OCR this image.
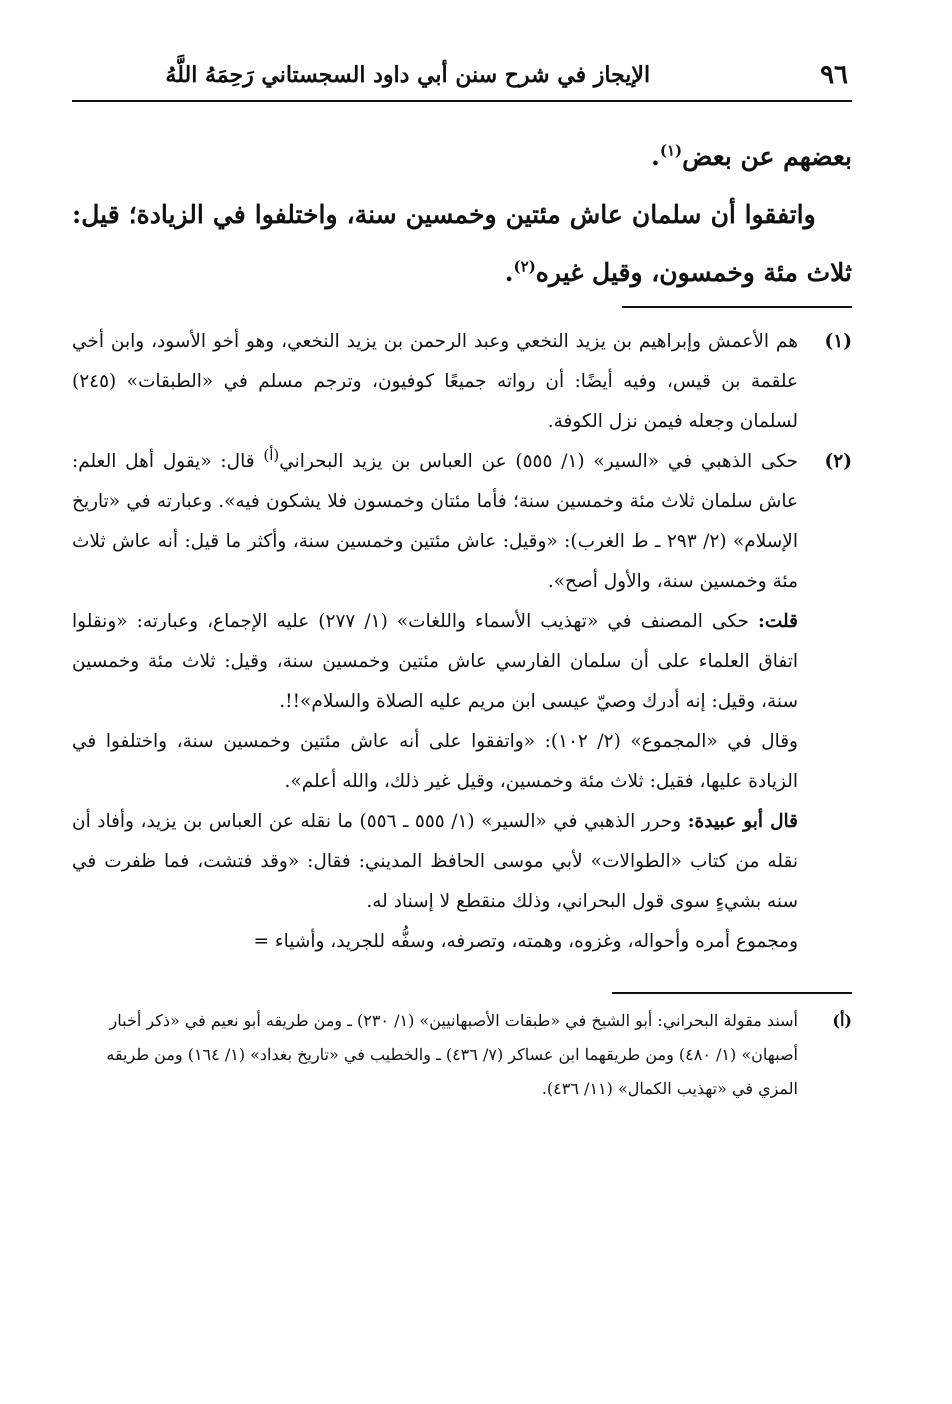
٩٦
الإيجاز في شرح سنن أبي داود السجستاني رَحِمَهُ اللَّهُ

بعضهم عن بعض$^{(١)}$.

واتفقوا أن سلمان عاش مئتين وخمسين سنة، واختلفوا في الزيادة؛ قيل: ثلاث مئة وخمسون، وقيل غيره$^{(٢)}$.

(١)

هم الأعمش وإبراهيم بن يزيد النخعي وعبد الرحمن بن يزيد النخعي، وهو أخو الأسود، وابن أخي علقمة بن قيس، وفيه أيضًا: أن رواته جميعًا كوفيون، وترجم مسلم في «الطبقات» (٢٤٥) لسلمان وجعله فيمن نزل الكوفة.

(٢)

حكى الذهبي في «السير» (١/ ٥٥٥) عن العباس بن يزيد البحراني$^{(أ)}$ قال: «يقول أهل العلم: عاش سلمان ثلاث مئة وخمسين سنة؛ فأما مئتان وخمسون فلا يشكون فيه». وعبارته في «تاريخ الإسلام» (٢/ ٢٩٣ ـ ط الغرب): «وقيل: عاش مئتين وخمسين سنة، وأكثر ما قيل: أنه عاش ثلاث مئة وخمسين سنة، والأول أصح».

قلت: حكى المصنف في «تهذيب الأسماء واللغات» (١/ ٢٧٧) عليه الإجماع، وعبارته: «ونقلوا اتفاق العلماء على أن سلمان الفارسي عاش مئتين وخمسين سنة، وقيل: ثلاث مئة وخمسين سنة، وقيل: إنه أدرك وصيّ عيسى ابن مريم عليه الصلاة والسلام»!!.

وقال في «المجموع» (٢/ ١٠٢): «واتفقوا على أنه عاش مئتين وخمسين سنة، واختلفوا في الزيادة عليها، فقيل: ثلاث مئة وخمسين، وقيل غير ذلك، والله أعلم».

قال أبو عبيدة: وحرر الذهبي في «السير» (١/ ٥٥٥ ـ ٥٥٦) ما نقله عن العباس بن يزيد، وأفاد أن نقله من كتاب «الطوالات» لأبي موسى الحافظ المديني: فقال: «وقد فتشت، فما ظفرت في سنه بشيءٍ سوى قول البحراني، وذلك منقطع لا إسناد له.

ومجموع أمره وأحواله، وغزوه، وهمته، وتصرفه، وسفُّه للجريد، وأشياء =

(أ)

أسند مقولة البحراني: أبو الشيخ في «طبقات الأصبهانيين» (١/ ٢٣٠) ـ ومن طريقه أبو نعيم في «ذكر أخبار أصبهان» (١/ ٤٨٠) ومن طريقهما ابن عساكر (٧/ ٤٣٦) ـ والخطيب في «تاريخ بغداد» (١/ ١٦٤) ومن طريقه المزي في «تهذيب الكمال» (١١/ ٤٣٦).
